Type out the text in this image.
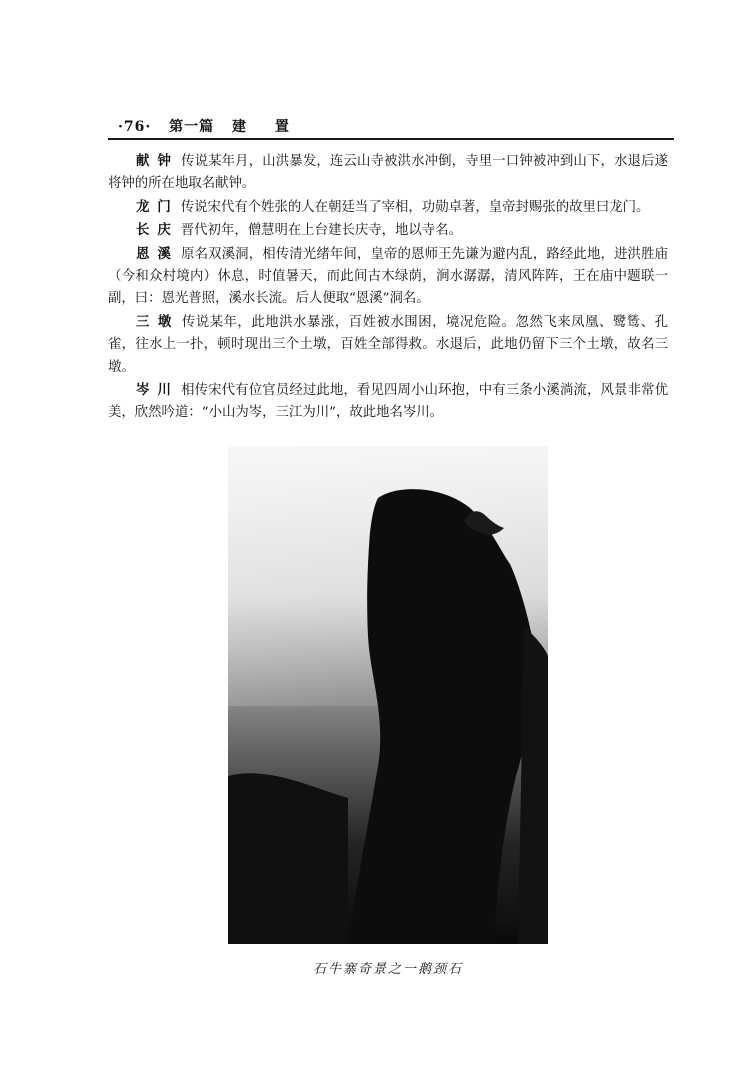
·76· 第一篇 建 置

献钟 传说某年月，山洪暴发，连云山寺被洪水冲倒，寺里一口钟被冲到山下，水退后遂将钟的所在地取名献钟。

龙门 传说宋代有个姓张的人在朝廷当了宰相，功勋卓著，皇帝封赐张的故里曰龙门。

长庆 晋代初年，僧慧明在上台建长庆寺，地以寺名。

恩溪 原名双溪洞，相传清光绪年间，皇帝的恩师王先谦为避内乱，路经此地，进洪胜庙（今和众村境内）休息，时值暑天，而此间古木绿荫，涧水潺潺，清风阵阵，王在庙中题联一副，曰：恩光普照，溪水长流。后人便取“恩溪”洞名。

三墩 传说某年，此地洪水暴涨，百姓被水围困，境况危险。忽然飞来凤凰、鹭鸶、孔雀，往水上一扑，顿时现出三个土墩，百姓全部得救。水退后，此地仍留下三个土墩，故名三墩。

岑川 相传宋代有位官员经过此地，看见四周小山环抱，中有三条小溪淌流，风景非常优美，欣然吟道：“小山为岑，三江为川”，故此地名岑川。

石牛寨奇景之一鹅颈石
